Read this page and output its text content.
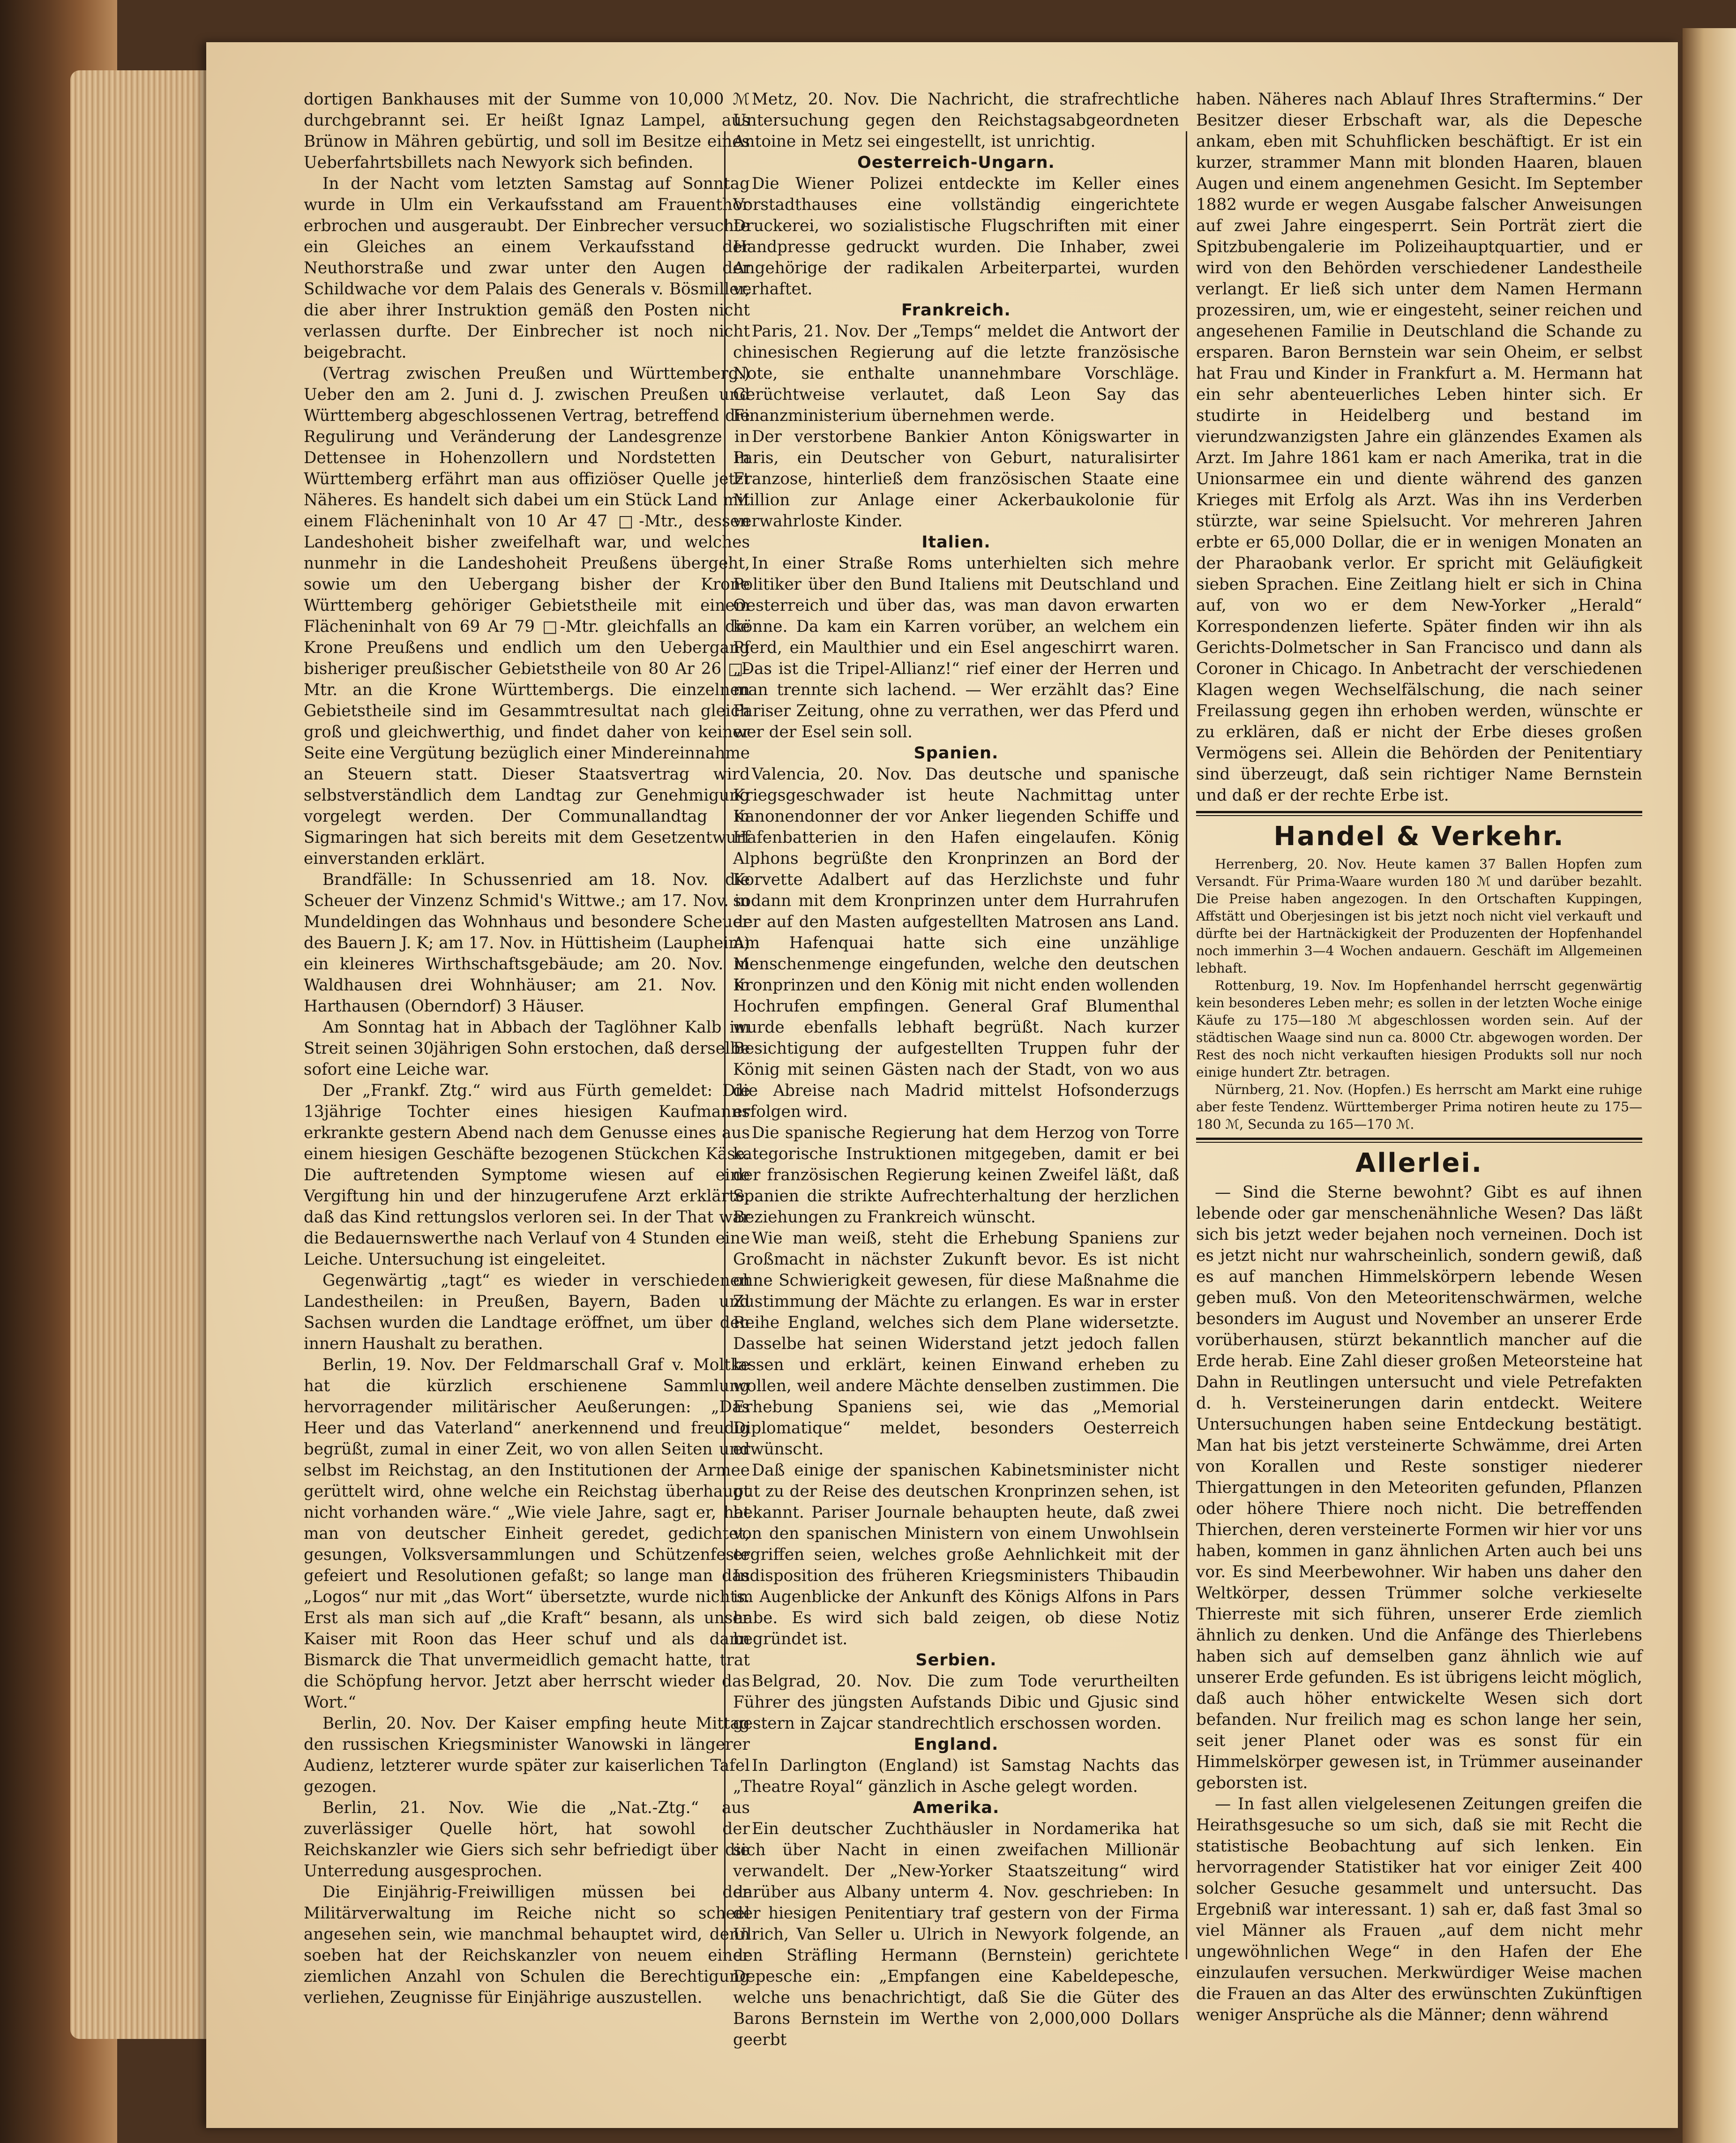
dortigen Bankhauses mit der Summe von 10,000 ℳ durchgebrannt sei. Er heißt Ignaz Lampel, aus Brünow in Mähren gebürtig, und soll im Besitze eines Ueberfahrtsbillets nach Newyork sich befinden.

In der Nacht vom letzten Samstag auf Sonntag wurde in Ulm ein Verkaufsstand am Frauenthor erbrochen und ausgeraubt. Der Einbrecher versuchte ein Gleiches an einem Verkaufsstand der Neuthorstraße und zwar unter den Augen der Schildwache vor dem Palais des Generals v. Bösmiller, die aber ihrer Instruktion gemäß den Posten nicht verlassen durfte. Der Einbrecher ist noch nicht beigebracht.

(Vertrag zwischen Preußen und Württemberg.) Ueber den am 2. Juni d. J. zwischen Preußen und Württemberg abgeschlossenen Vertrag, betreffend die Regulirung und Veränderung der Landesgrenze in Dettensee in Hohenzollern und Nordstetten in Württemberg erfährt man aus offiziöser Quelle jetzt Näheres. Es handelt sich dabei um ein Stück Land mit einem Flächeninhalt von 10 Ar 47 □-Mtr., dessen Landeshoheit bisher zweifelhaft war, und welches nunmehr in die Landeshoheit Preußens übergeht, sowie um den Uebergang bisher der Krone Württemberg gehöriger Gebietstheile mit einem Flächeninhalt von 69 Ar 79 □-Mtr. gleichfalls an die Krone Preußens und endlich um den Uebergang bisheriger preußischer Gebietstheile von 80 Ar 26 □-Mtr. an die Krone Württembergs. Die einzelnen Gebietstheile sind im Gesammtresultat nach gleich groß und gleichwerthig, und findet daher von keiner Seite eine Vergütung bezüglich einer Mindereinnahme an Steuern statt. Dieser Staatsvertrag wird selbstverständlich dem Landtag zur Genehmigung vorgelegt werden. Der Communallandtag in Sigmaringen hat sich bereits mit dem Gesetzentwurf einverstanden erklärt.

Brandfälle: In Schussenried am 18. Nov. die Scheuer der Vinzenz Schmid's Wittwe.; am 17. Nov. in Mundeldingen das Wohnhaus und besondere Scheuer des Bauern J. K; am 17. Nov. in Hüttisheim (Laupheim) ein kleineres Wirthschaftsgebäude; am 20. Nov. in Waldhausen drei Wohnhäuser; am 21. Nov. in Harthausen (Oberndorf) 3 Häuser.

Am Sonntag hat in Abbach der Taglöhner Kalb im Streit seinen 30jährigen Sohn erstochen, daß derselbe sofort eine Leiche war.

Der „Frankf. Ztg.“ wird aus Fürth gemeldet: Die 13jährige Tochter eines hiesigen Kaufmanns erkrankte gestern Abend nach dem Genusse eines aus einem hiesigen Geschäfte bezogenen Stückchen Käse. Die auftretenden Symptome wiesen auf eine Vergiftung hin und der hinzugerufene Arzt erklärte, daß das Kind rettungslos verloren sei. In der That war die Bedauernswerthe nach Verlauf von 4 Stunden eine Leiche. Untersuchung ist eingeleitet.

Gegenwärtig „tagt“ es wieder in verschiedenen Landestheilen: in Preußen, Bayern, Baden und Sachsen wurden die Landtage eröffnet, um über den innern Haushalt zu berathen.

Berlin, 19. Nov. Der Feldmarschall Graf v. Moltke hat die kürzlich erschienene Sammlung hervorragender militärischer Aeußerungen: „Das Heer und das Vaterland“ anerkennend und freudig begrüßt, zumal in einer Zeit, wo von allen Seiten und selbst im Reichstag, an den Institutionen der Armee gerüttelt wird, ohne welche ein Reichstag überhaupt nicht vorhanden wäre.“ „Wie viele Jahre, sagt er, hat man von deutscher Einheit geredet, gedichtet, gesungen, Volksversammlungen und Schützenfeste gefeiert und Resolutionen gefaßt; so lange man das „Logos“ nur mit „das Wort“ übersetzte, wurde nichts. Erst als man sich auf „die Kraft“ besann, als unser Kaiser mit Roon das Heer schuf und als dann Bismarck die That unvermeidlich gemacht hatte, trat die Schöpfung hervor. Jetzt aber herrscht wieder das Wort.“

Berlin, 20. Nov. Der Kaiser empfing heute Mittag den russischen Kriegsminister Wanowski in längerer Audienz, letzterer wurde später zur kaiserlichen Tafel gezogen.

Berlin, 21. Nov. Wie die „Nat.-Ztg.“ aus zuverlässiger Quelle hört, hat sowohl der Reichskanzler wie Giers sich sehr befriedigt über die Unterredung ausgesprochen.

Die Einjährig-Freiwilligen müssen bei der Militärverwaltung im Reiche nicht so scheel angesehen sein, wie manchmal behauptet wird, denn soeben hat der Reichskanzler von neuem einer ziemlichen Anzahl von Schulen die Berechtigung verliehen, Zeugnisse für Einjährige auszustellen.

Metz, 20. Nov. Die Nachricht, die strafrechtliche Untersuchung gegen den Reichstagsabgeordneten Antoine in Metz sei eingestellt, ist unrichtig.

Oesterreich-Ungarn.

Die Wiener Polizei entdeckte im Keller eines Vorstadthauses eine vollständig eingerichtete Druckerei, wo sozialistische Flugschriften mit einer Handpresse gedruckt wurden. Die Inhaber, zwei Angehörige der radikalen Arbeiterpartei, wurden verhaftet.

Frankreich.

Paris, 21. Nov. Der „Temps“ meldet die Antwort der chinesischen Regierung auf die letzte französische Note, sie enthalte unannehmbare Vorschläge. Gerüchtweise verlautet, daß Leon Say das Finanzministerium übernehmen werde.

Der verstorbene Bankier Anton Königswarter in Paris, ein Deutscher von Geburt, naturalisirter Franzose, hinterließ dem französischen Staate eine Million zur Anlage einer Ackerbaukolonie für verwahrloste Kinder.

Italien.

In einer Straße Roms unterhielten sich mehre Politiker über den Bund Italiens mit Deutschland und Oesterreich und über das, was man davon erwarten könne. Da kam ein Karren vorüber, an welchem ein Pferd, ein Maulthier und ein Esel angeschirrt waren. „Das ist die Tripel-Allianz!“ rief einer der Herren und man trennte sich lachend. — Wer erzählt das? Eine Pariser Zeitung, ohne zu verrathen, wer das Pferd und wer der Esel sein soll.

Spanien.

Valencia, 20. Nov. Das deutsche und spanische Kriegsgeschwader ist heute Nachmittag unter Kanonendonner der vor Anker liegenden Schiffe und Hafenbatterien in den Hafen eingelaufen. König Alphons begrüßte den Kronprinzen an Bord der Korvette Adalbert auf das Herzlichste und fuhr sodann mit dem Kronprinzen unter dem Hurrahrufen der auf den Masten aufgestellten Matrosen ans Land. Am Hafenquai hatte sich eine unzählige Menschenmenge eingefunden, welche den deutschen Kronprinzen und den König mit nicht enden wollenden Hochrufen empfingen. General Graf Blumenthal wurde ebenfalls lebhaft begrüßt. Nach kurzer Besichtigung der aufgestellten Truppen fuhr der König mit seinen Gästen nach der Stadt, von wo aus die Abreise nach Madrid mittelst Hofsonderzugs erfolgen wird.

Die spanische Regierung hat dem Herzog von Torre kategorische Instruktionen mitgegeben, damit er bei der französischen Regierung keinen Zweifel läßt, daß Spanien die strikte Aufrechterhaltung der herzlichen Beziehungen zu Frankreich wünscht.

Wie man weiß, steht die Erhebung Spaniens zur Großmacht in nächster Zukunft bevor. Es ist nicht ohne Schwierigkeit gewesen, für diese Maßnahme die Zustimmung der Mächte zu erlangen. Es war in erster Reihe England, welches sich dem Plane widersetzte. Dasselbe hat seinen Widerstand jetzt jedoch fallen lassen und erklärt, keinen Einwand erheben zu wollen, weil andere Mächte denselben zustimmen. Die Erhebung Spaniens sei, wie das „Memorial Diplomatique“ meldet, besonders Oesterreich erwünscht.

Daß einige der spanischen Kabinetsminister nicht gut zu der Reise des deutschen Kronprinzen sehen, ist bekannt. Pariser Journale behaupten heute, daß zwei von den spanischen Ministern von einem Unwohlsein ergriffen seien, welches große Aehnlichkeit mit der Indisposition des früheren Kriegsministers Thibaudin im Augenblicke der Ankunft des Königs Alfons in Pars habe. Es wird sich bald zeigen, ob diese Notiz begründet ist.

Serbien.

Belgrad, 20. Nov. Die zum Tode verurtheilten Führer des jüngsten Aufstands Dibic und Gjusic sind gestern in Zajcar standrechtlich erschossen worden.

England.

In Darlington (England) ist Samstag Nachts das „Theatre Royal“ gänzlich in Asche gelegt worden.

Amerika.

Ein deutscher Zuchthäusler in Nordamerika hat sich über Nacht in einen zweifachen Millionär verwandelt. Der „New-Yorker Staatszeitung“ wird darüber aus Albany unterm 4. Nov. geschrieben: In der hiesigen Penitentiary traf gestern von der Firma Ulrich, Van Seller u. Ulrich in Newyork folgende, an den Sträfling Hermann (Bernstein) gerichtete Depesche ein: „Empfangen eine Kabeldepesche, welche uns benachrichtigt, daß Sie die Güter des Barons Bernstein im Werthe von 2,000,000 Dollars geerbt

haben. Näheres nach Ablauf Ihres Straftermins.“ Der Besitzer dieser Erbschaft war, als die Depesche ankam, eben mit Schuhflicken beschäftigt. Er ist ein kurzer, strammer Mann mit blonden Haaren, blauen Augen und einem angenehmen Gesicht. Im September 1882 wurde er wegen Ausgabe falscher Anweisungen auf zwei Jahre eingesperrt. Sein Porträt ziert die Spitzbubengalerie im Polizeihauptquartier, und er wird von den Behörden verschiedener Landestheile verlangt. Er ließ sich unter dem Namen Hermann prozessiren, um, wie er eingesteht, seiner reichen und angesehenen Familie in Deutschland die Schande zu ersparen. Baron Bernstein war sein Oheim, er selbst hat Frau und Kinder in Frankfurt a. M. Hermann hat ein sehr abenteuerliches Leben hinter sich. Er studirte in Heidelberg und bestand im vierundzwanzigsten Jahre ein glänzendes Examen als Arzt. Im Jahre 1861 kam er nach Amerika, trat in die Unionsarmee ein und diente während des ganzen Krieges mit Erfolg als Arzt. Was ihn ins Verderben stürzte, war seine Spielsucht. Vor mehreren Jahren erbte er 65,000 Dollar, die er in wenigen Monaten an der Pharaobank verlor. Er spricht mit Geläufigkeit sieben Sprachen. Eine Zeitlang hielt er sich in China auf, von wo er dem New-Yorker „Herald“ Korrespondenzen lieferte. Später finden wir ihn als Gerichts-Dolmetscher in San Francisco und dann als Coroner in Chicago. In Anbetracht der verschiedenen Klagen wegen Wechselfälschung, die nach seiner Freilassung gegen ihn erhoben werden, wünschte er zu erklären, daß er nicht der Erbe dieses großen Vermögens sei. Allein die Behörden der Penitentiary sind überzeugt, daß sein richtiger Name Bernstein und daß er der rechte Erbe ist.

Handel & Verkehr.

Herrenberg, 20. Nov. Heute kamen 37 Ballen Hopfen zum Versandt. Für Prima-Waare wurden 180 ℳ und darüber bezahlt. Die Preise haben angezogen. In den Ortschaften Kuppingen, Affstätt und Oberjesingen ist bis jetzt noch nicht viel verkauft und dürfte bei der Hartnäckigkeit der Produzenten der Hopfenhandel noch immerhin 3—4 Wochen andauern. Geschäft im Allgemeinen lebhaft.

Rottenburg, 19. Nov. Im Hopfenhandel herrscht gegenwärtig kein besonderes Leben mehr; es sollen in der letzten Woche einige Käufe zu 175—180 ℳ abgeschlossen worden sein. Auf der städtischen Waage sind nun ca. 8000 Ctr. abgewogen worden. Der Rest des noch nicht verkauften hiesigen Produkts soll nur noch einige hundert Ztr. betragen.

Nürnberg, 21. Nov. (Hopfen.) Es herrscht am Markt eine ruhige aber feste Tendenz. Württemberger Prima notiren heute zu 175—180 ℳ, Secunda zu 165—170 ℳ.

Allerlei.

— Sind die Sterne bewohnt? Gibt es auf ihnen lebende oder gar menschenähnliche Wesen? Das läßt sich bis jetzt weder bejahen noch verneinen. Doch ist es jetzt nicht nur wahrscheinlich, sondern gewiß, daß es auf manchen Himmelskörpern lebende Wesen geben muß. Von den Meteoritenschwärmen, welche besonders im August und November an unserer Erde vorüberhausen, stürzt bekanntlich mancher auf die Erde herab. Eine Zahl dieser großen Meteorsteine hat Dahn in Reutlingen untersucht und viele Petrefakten d. h. Versteinerungen darin entdeckt. Weitere Untersuchungen haben seine Entdeckung bestätigt. Man hat bis jetzt versteinerte Schwämme, drei Arten von Korallen und Reste sonstiger niederer Thiergattungen in den Meteoriten gefunden, Pflanzen oder höhere Thiere noch nicht. Die betreffenden Thierchen, deren versteinerte Formen wir hier vor uns haben, kommen in ganz ähnlichen Arten auch bei uns vor. Es sind Meerbewohner. Wir haben uns daher den Weltkörper, dessen Trümmer solche verkieselte Thierreste mit sich führen, unserer Erde ziemlich ähnlich zu denken. Und die Anfänge des Thierlebens haben sich auf demselben ganz ähnlich wie auf unserer Erde gefunden. Es ist übrigens leicht möglich, daß auch höher entwickelte Wesen sich dort befanden. Nur freilich mag es schon lange her sein, seit jener Planet oder was es sonst für ein Himmelskörper gewesen ist, in Trümmer auseinander geborsten ist.

— In fast allen vielgelesenen Zeitungen greifen die Heirathsgesuche so um sich, daß sie mit Recht die statistische Beobachtung auf sich lenken. Ein hervorragender Statistiker hat vor einiger Zeit 400 solcher Gesuche gesammelt und untersucht. Das Ergebniß war interessant. 1) sah er, daß fast 3mal so viel Männer als Frauen „auf dem nicht mehr ungewöhnlichen Wege“ in den Hafen der Ehe einzulaufen versuchen. Merkwürdiger Weise machen die Frauen an das Alter des erwünschten Zukünftigen weniger Ansprüche als die Männer; denn während
